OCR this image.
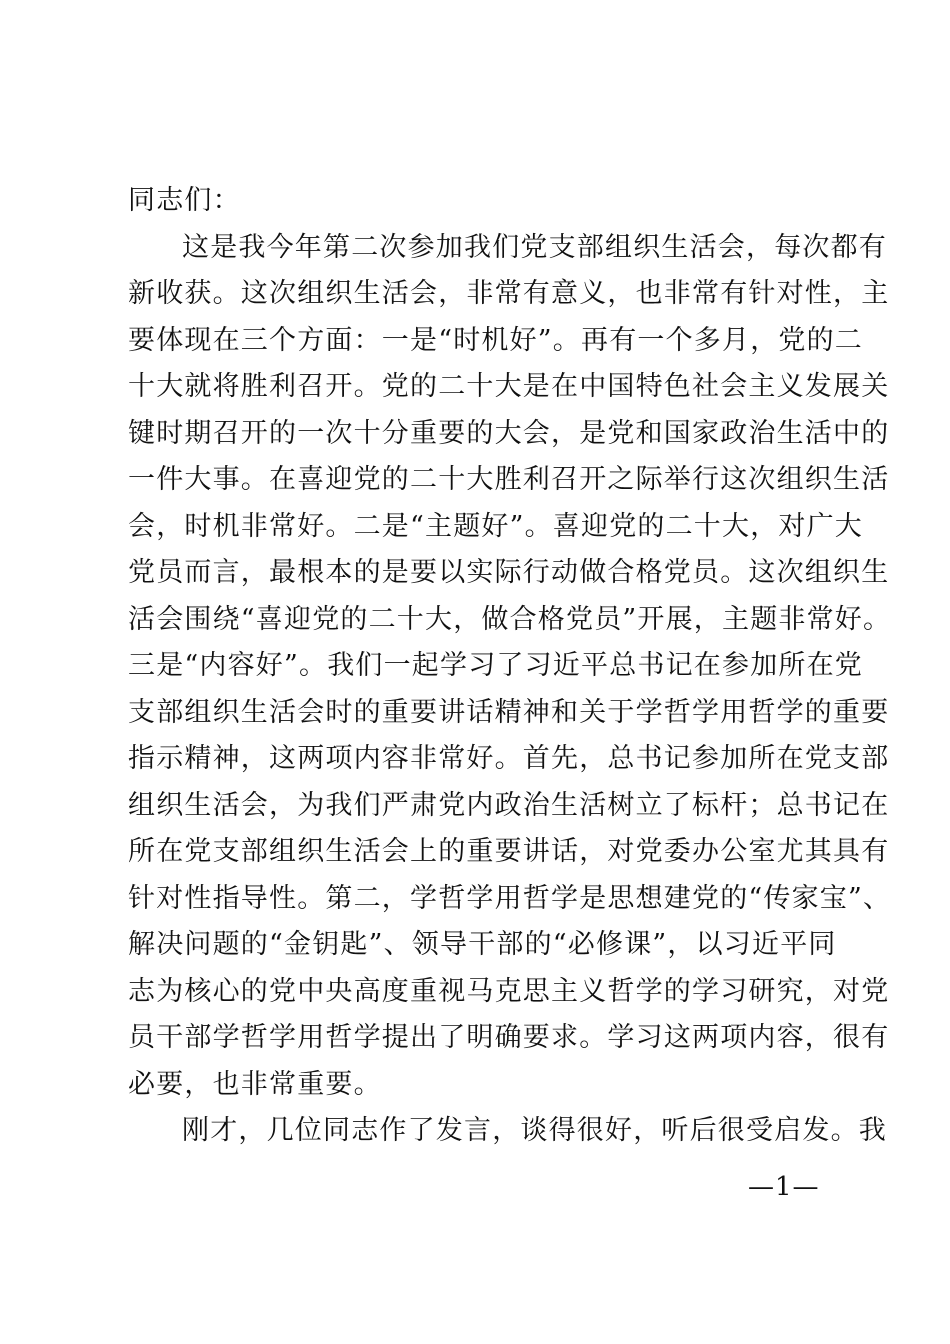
同志们：
这是我今年第二次参加我们党支部组织生活会，每次都有
新收获。这次组织生活会，非常有意义，也非常有针对性，主
要体现在三个方面：一是“时机好”。再有一个多月，党的二
十大就将胜利召开。党的二十大是在中国特色社会主义发展关
键时期召开的一次十分重要的大会，是党和国家政治生活中的
一件大事。在喜迎党的二十大胜利召开之际举行这次组织生活
会，时机非常好。二是“主题好”。喜迎党的二十大，对广大
党员而言，最根本的是要以实际行动做合格党员。这次组织生
活会围绕“喜迎党的二十大，做合格党员”开展，主题非常好。
三是“内容好”。我们一起学习了习近平总书记在参加所在党
支部组织生活会时的重要讲话精神和关于学哲学用哲学的重要
指示精神，这两项内容非常好。首先，总书记参加所在党支部
组织生活会，为我们严肃党内政治生活树立了标杆；总书记在
所在党支部组织生活会上的重要讲话，对党委办公室尤其具有
针对性指导性。第二，学哲学用哲学是思想建党的“传家宝”、
解决问题的“金钥匙”、领导干部的“必修课”，以习近平同
志为核心的党中央高度重视马克思主义哲学的学习研究，对党
员干部学哲学用哲学提出了明确要求。学习这两项内容，很有
必要，也非常重要。
刚才，几位同志作了发言，谈得很好，听后很受启发。我
—1—
